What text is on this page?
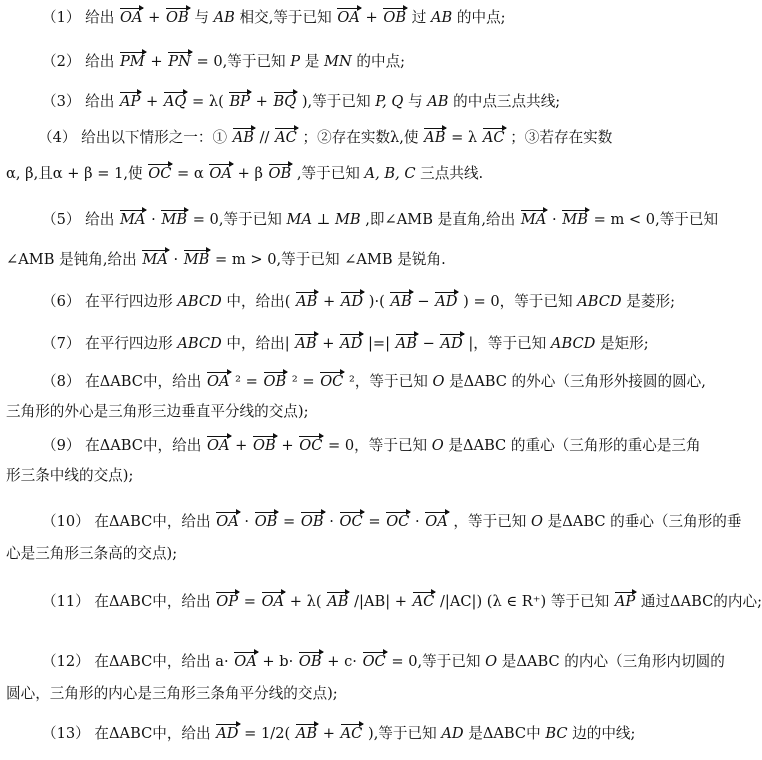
（1） 给出 OA + OB 与 AB 相交,等于已知 OA + OB 过 AB 的中点;
（2） 给出 PM + PN = 0,等于已知 P 是 MN 的中点;
（3） 给出 AP + AQ = λ( BP + BQ ),等于已知 P, Q 与 AB 的中点三点共线;
（4） 给出以下情形之一：① AB // AC ；②存在实数λ,使 AB = λ AC ；③若存在实数
α, β,且α + β = 1,使 OC = α OA + β OB ,等于已知 A, B, C 三点共线.
（5） 给出 MA · MB = 0,等于已知 MA ⊥ MB ,即∠AMB 是直角,给出 MA · MB = m < 0,等于已知
∠AMB 是钝角,给出 MA · MB = m > 0,等于已知 ∠AMB 是锐角.
（6） 在平行四边形 ABCD 中，给出( AB + AD )·( AB − AD ) = 0，等于已知 ABCD 是菱形;
（7） 在平行四边形 ABCD 中，给出| AB + AD |=| AB − AD |，等于已知 ABCD 是矩形;
（8） 在ΔABC中，给出 OA ² = OB ² = OC ²，等于已知 O 是ΔABC 的外心（三角形外接圆的圆心,
三角形的外心是三角形三边垂直平分线的交点);
（9） 在ΔABC中，给出 OA + OB + OC = 0，等于已知 O 是ΔABC 的重心（三角形的重心是三角
形三条中线的交点);
（10） 在ΔABC中，给出 OA · OB = OB · OC = OC · OA ，等于已知 O 是ΔABC 的垂心（三角形的垂
心是三角形三条高的交点);
（11） 在ΔABC中，给出 OP = OA + λ( AB /|AB| + AC /|AC|) (λ ∈ R⁺) 等于已知 AP 通过ΔABC的内心;
（12） 在ΔABC中，给出 a· OA + b· OB + c· OC = 0,等于已知 O 是ΔABC 的内心（三角形内切圆的
圆心，三角形的内心是三角形三条角平分线的交点);
（13） 在ΔABC中，给出 AD = 1/2( AB + AC ),等于已知 AD 是ΔABC中 BC 边的中线;
